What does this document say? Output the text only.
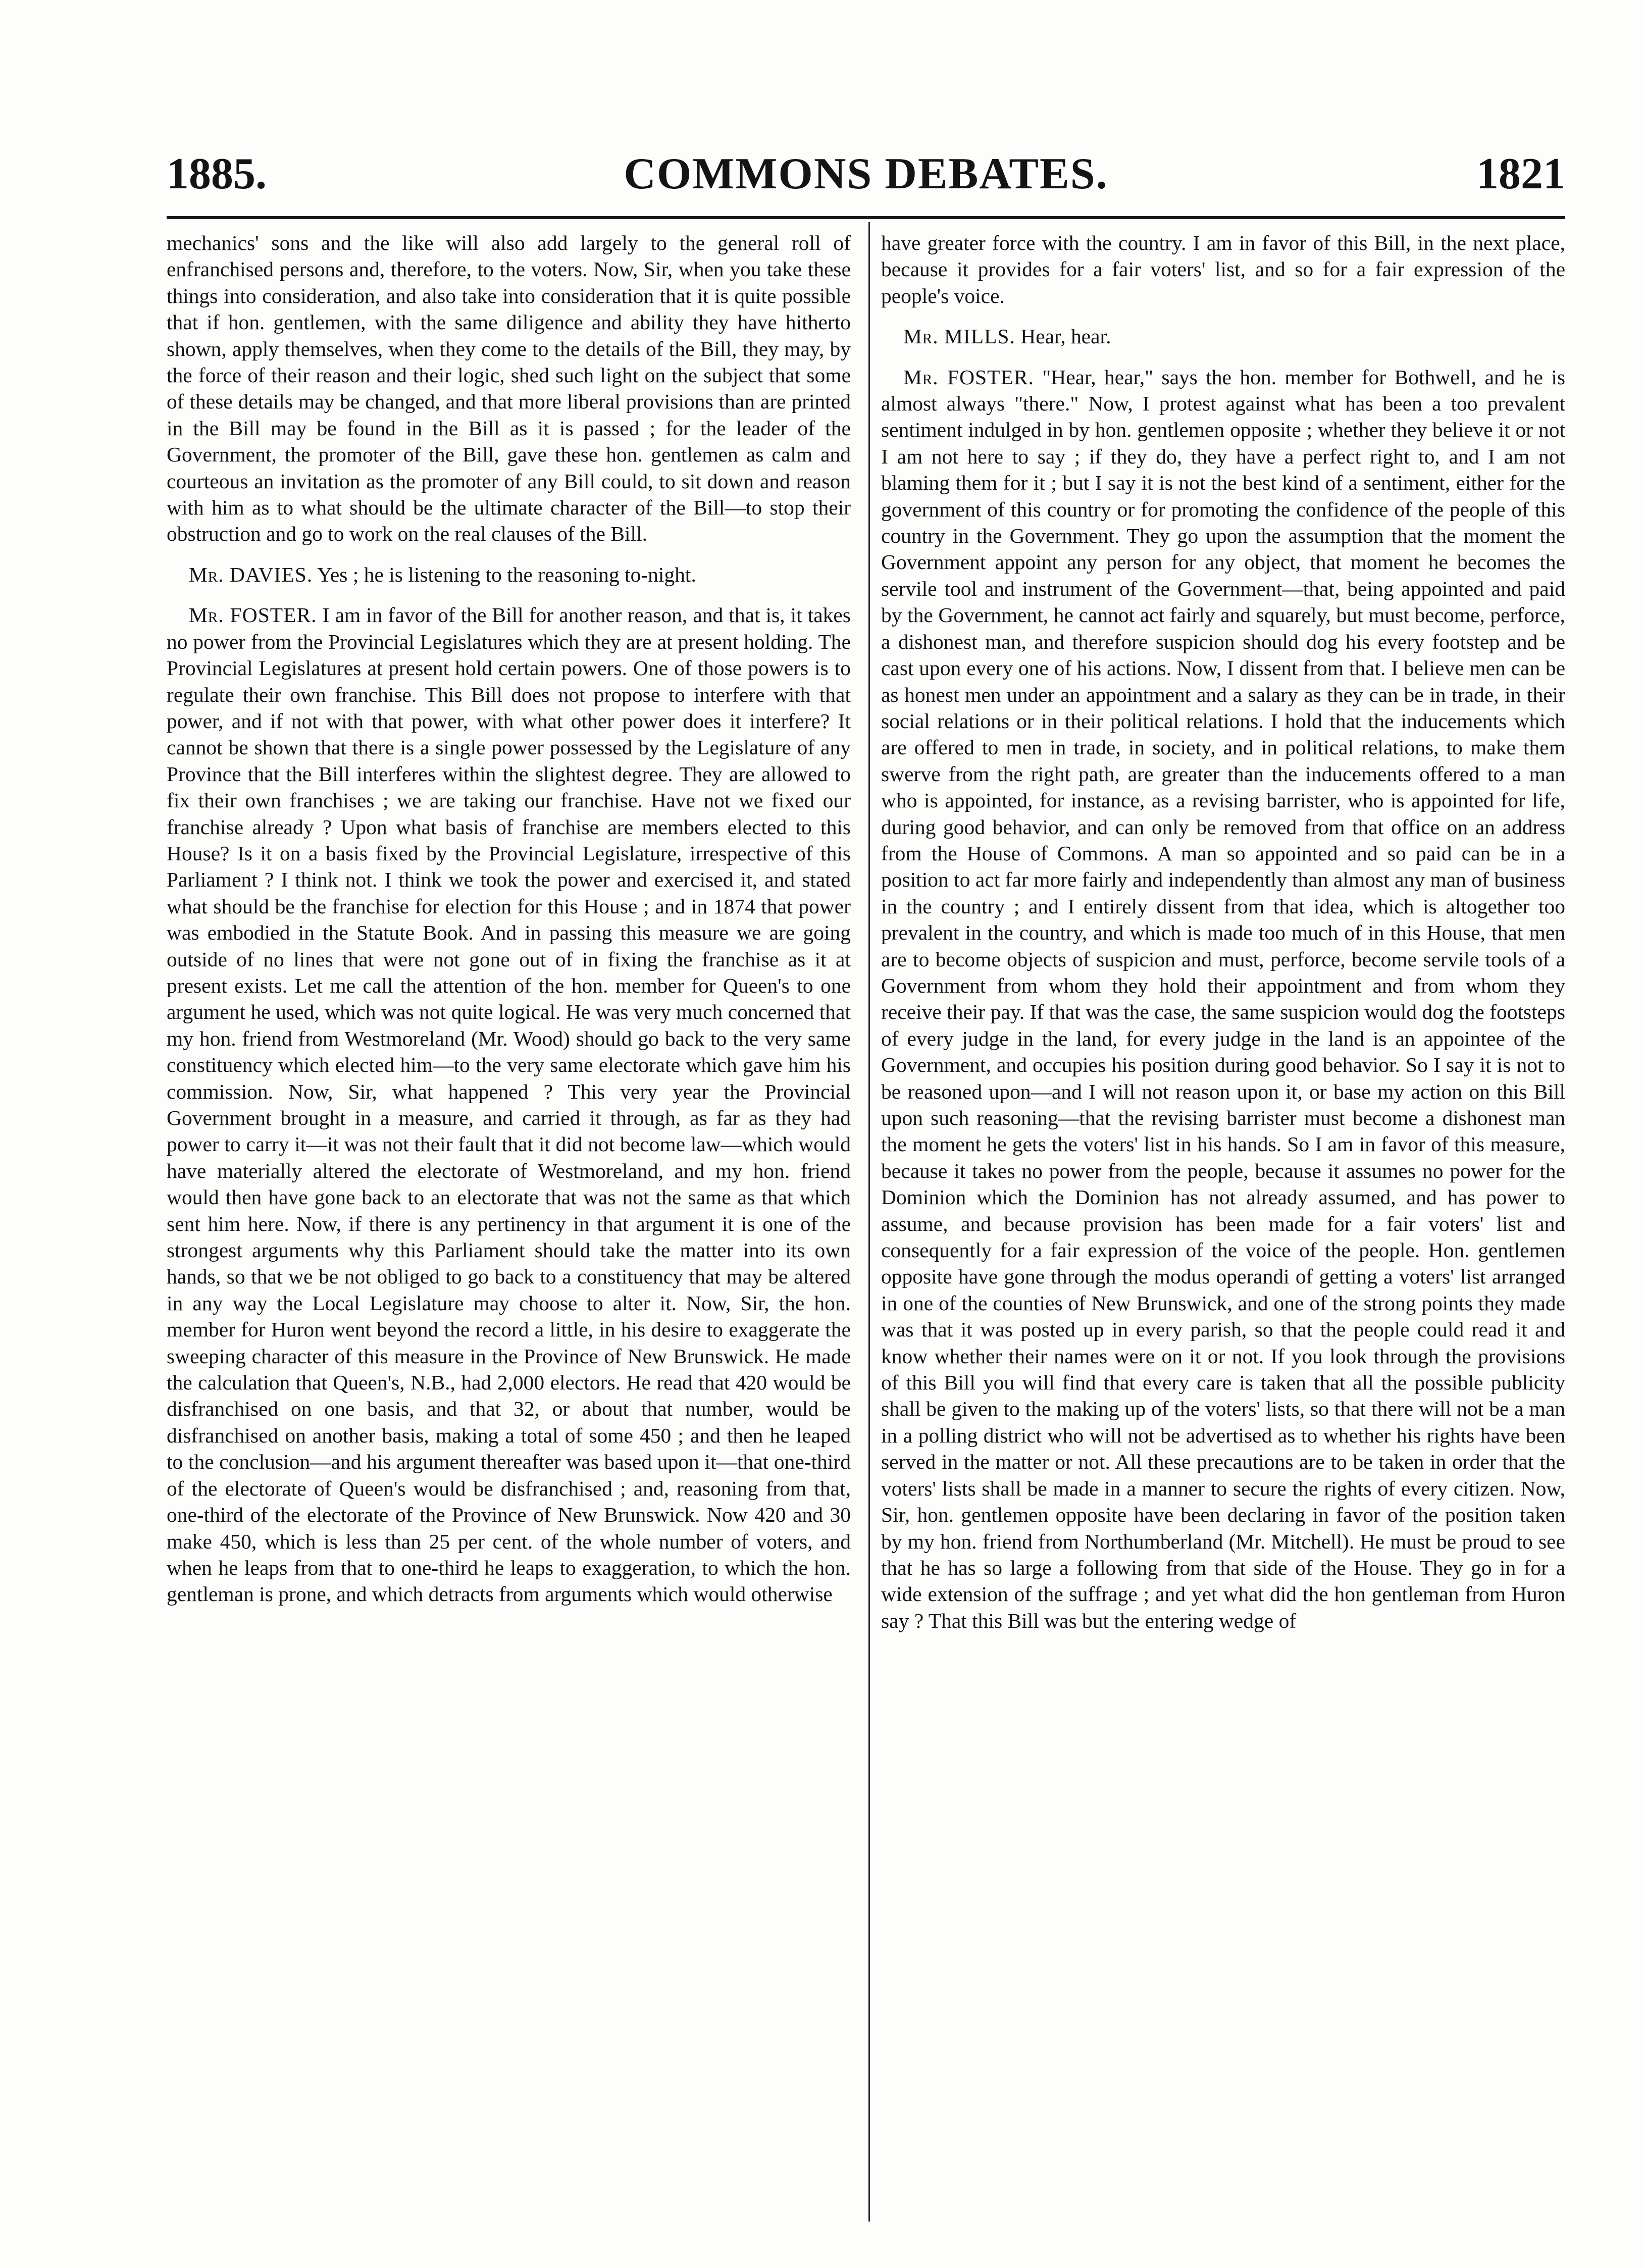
1885.	COMMONS DEBATES.	1821

mechanics' sons and the like will also add largely to the general roll of enfranchised persons and, therefore, to the voters. Now, Sir, when you take these things into consideration, and also take into consideration that it is quite possible that if hon. gentlemen, with the same diligence and ability they have hitherto shown, apply themselves, when they come to the details of the Bill, they may, by the force of their reason and their logic, shed such light on the subject that some of these details may be changed, and that more liberal provisions than are printed in the Bill may be found in the Bill as it is passed ; for the leader of the Government, the promoter of the Bill, gave these hon. gentlemen as calm and courteous an invitation as the promoter of any Bill could, to sit down and reason with him as to what should be the ultimate character of the Bill—to stop their obstruction and go to work on the real clauses of the Bill.

Mr. DAVIES. Yes ; he is listening to the reasoning to-night.

Mr. FOSTER. I am in favor of the Bill for another reason, and that is, it takes no power from the Provincial Legislatures which they are at present holding. The Provincial Legislatures at present hold certain powers. One of those powers is to regulate their own franchise. This Bill does not propose to interfere with that power, and if not with that power, with what other power does it interfere? It cannot be shown that there is a single power possessed by the Legislature of any Province that the Bill interferes within the slightest degree. They are allowed to fix their own franchises ; we are taking our franchise. Have not we fixed our franchise already ? Upon what basis of franchise are members elected to this House? Is it on a basis fixed by the Provincial Legislature, irrespective of this Parliament ? I think not. I think we took the power and exercised it, and stated what should be the franchise for election for this House ; and in 1874 that power was embodied in the Statute Book. And in passing this measure we are going outside of no lines that were not gone out of in fixing the franchise as it at present exists. Let me call the attention of the hon. member for Queen's to one argument he used, which was not quite logical. He was very much concerned that my hon. friend from Westmoreland (Mr. Wood) should go back to the very same constituency which elected him—to the very same electorate which gave him his commission. Now, Sir, what happened ? This very year the Provincial Government brought in a measure, and carried it through, as far as they had power to carry it—it was not their fault that it did not become law—which would have materially altered the electorate of Westmoreland, and my hon. friend would then have gone back to an electorate that was not the same as that which sent him here. Now, if there is any pertinency in that argument it is one of the strongest arguments why this Parliament should take the matter into its own hands, so that we be not obliged to go back to a constituency that may be altered in any way the Local Legislature may choose to alter it. Now, Sir, the hon. member for Huron went beyond the record a little, in his desire to exaggerate the sweeping character of this measure in the Province of New Brunswick. He made the calculation that Queen's, N.B., had 2,000 electors. He read that 420 would be disfranchised on one basis, and that 32, or about that number, would be disfranchised on another basis, making a total of some 450 ; and then he leaped to the conclusion—and his argument thereafter was based upon it—that one-third of the electorate of Queen's would be disfranchised ; and, reasoning from that, one-third of the electorate of the Province of New Brunswick. Now 420 and 30 make 450, which is less than 25 per cent. of the whole number of voters, and when he leaps from that to one-third he leaps to exaggeration, to which the hon. gentleman is prone, and which detracts from arguments which would otherwise

have greater force with the country. I am in favor of this Bill, in the next place, because it provides for a fair voters' list, and so for a fair expression of the people's voice.

Mr. MILLS. Hear, hear.

Mr. FOSTER. "Hear, hear," says the hon. member for Bothwell, and he is almost always "there." Now, I protest against what has been a too prevalent sentiment indulged in by hon. gentlemen opposite ; whether they believe it or not I am not here to say ; if they do, they have a perfect right to, and I am not blaming them for it ; but I say it is not the best kind of a sentiment, either for the government of this country or for promoting the confidence of the people of this country in the Government. They go upon the assumption that the moment the Government appoint any person for any object, that moment he becomes the servile tool and instrument of the Government—that, being appointed and paid by the Government, he cannot act fairly and squarely, but must become, perforce, a dishonest man, and therefore suspicion should dog his every footstep and be cast upon every one of his actions. Now, I dissent from that. I believe men can be as honest men under an appointment and a salary as they can be in trade, in their social relations or in their political relations. I hold that the inducements which are offered to men in trade, in society, and in political relations, to make them swerve from the right path, are greater than the inducements offered to a man who is appointed, for instance, as a revising barrister, who is appointed for life, during good behavior, and can only be removed from that office on an address from the House of Commons. A man so appointed and so paid can be in a position to act far more fairly and independently than almost any man of business in the country ; and I entirely dissent from that idea, which is altogether too prevalent in the country, and which is made too much of in this House, that men are to become objects of suspicion and must, perforce, become servile tools of a Government from whom they hold their appointment and from whom they receive their pay. If that was the case, the same suspicion would dog the footsteps of every judge in the land, for every judge in the land is an appointee of the Government, and occupies his position during good behavior. So I say it is not to be reasoned upon—and I will not reason upon it, or base my action on this Bill upon such reasoning—that the revising barrister must become a dishonest man the moment he gets the voters' list in his hands. So I am in favor of this measure, because it takes no power from the people, because it assumes no power for the Dominion which the Dominion has not already assumed, and has power to assume, and because provision has been made for a fair voters' list and consequently for a fair expression of the voice of the people. Hon. gentlemen opposite have gone through the modus operandi of getting a voters' list arranged in one of the counties of New Brunswick, and one of the strong points they made was that it was posted up in every parish, so that the people could read it and know whether their names were on it or not. If you look through the provisions of this Bill you will find that every care is taken that all the possible publicity shall be given to the making up of the voters' lists, so that there will not be a man in a polling district who will not be advertised as to whether his rights have been served in the matter or not. All these precautions are to be taken in order that the voters' lists shall be made in a manner to secure the rights of every citizen. Now, Sir, hon. gentlemen opposite have been declaring in favor of the position taken by my hon. friend from Northumberland (Mr. Mitchell). He must be proud to see that he has so large a following from that side of the House. They go in for a wide extension of the suffrage ; and yet what did the hon gentleman from Huron say ? That this Bill was but the entering wedge of
